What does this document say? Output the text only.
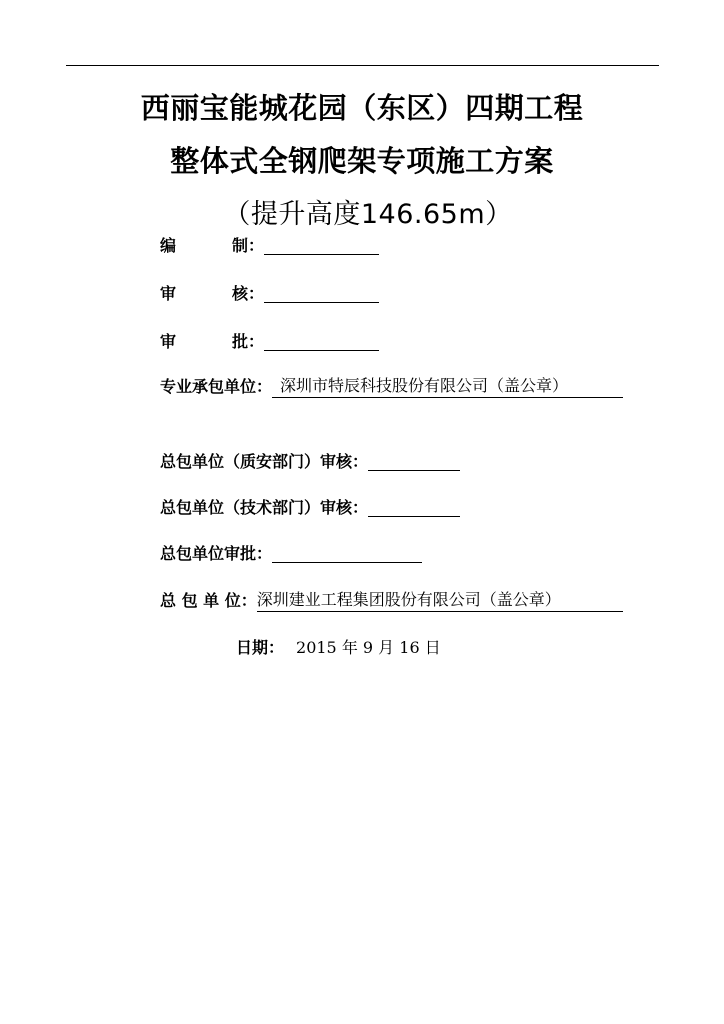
西丽宝能城花园（东区）四期工程
整体式全钢爬架专项施工方案
（提升高度146.65m）
编	制：
审	核：
审	批：
专业承包单位： 深圳市特辰科技股份有限公司（盖公章）
总包单位（质安部门）审核：
总包单位（技术部门）审核：
总包单位审批：
总 包 单 位：深圳建业工程集团股份有限公司（盖公章）
日期： 2015 年 9 月 16 日
